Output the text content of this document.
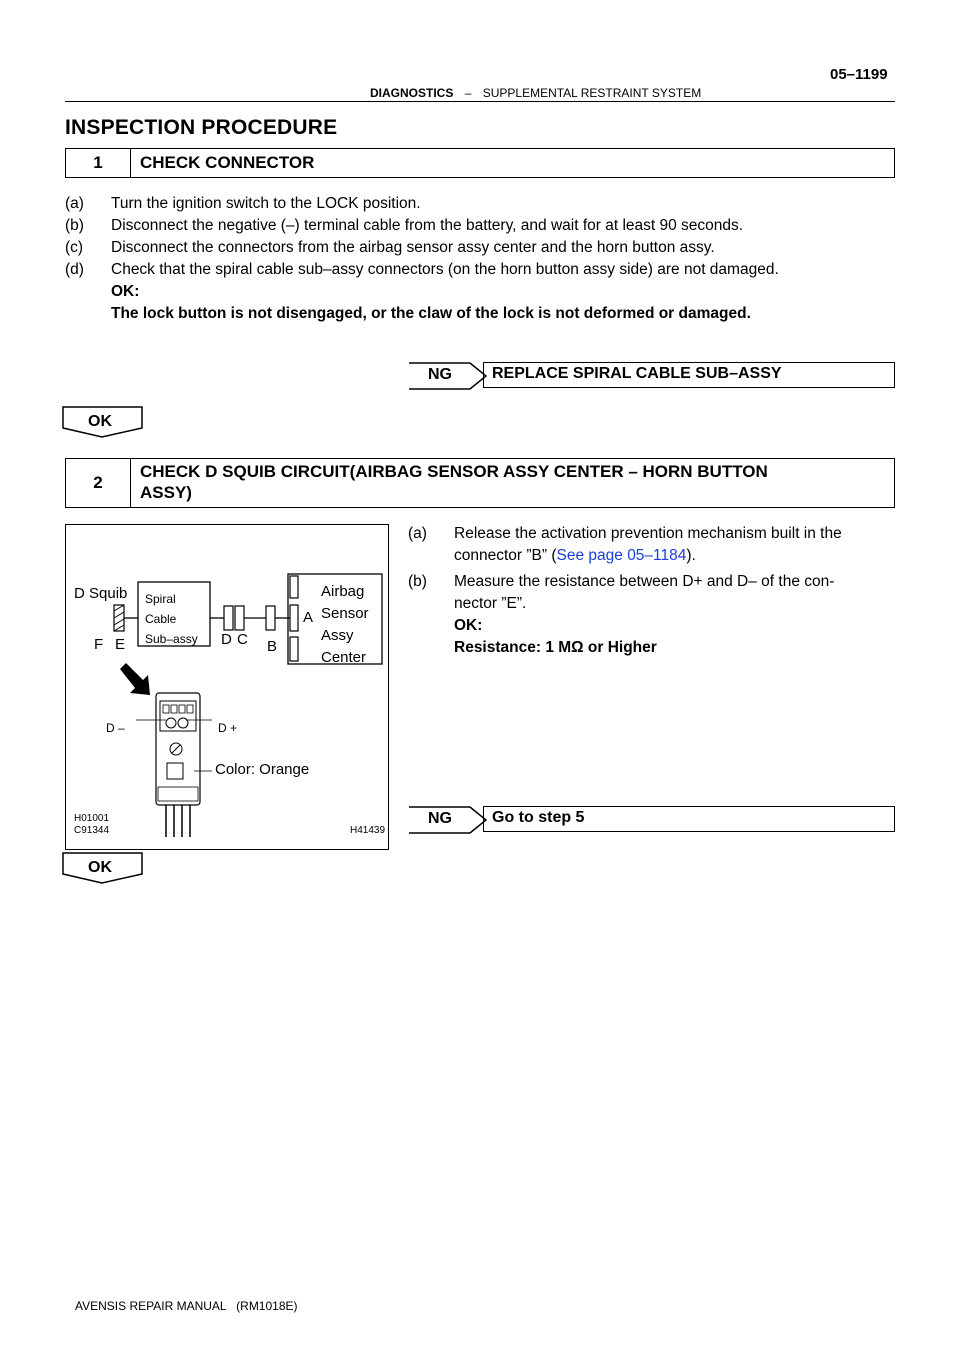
05–1199
DIAGNOSTICS – SUPPLEMENTAL RESTRAINT SYSTEM
INSPECTION PROCEDURE
1	CHECK CONNECTOR
(a) Turn the ignition switch to the LOCK position.
(b) Disconnect the negative (–) terminal cable from the battery, and wait for at least 90 seconds.
(c) Disconnect the connectors from the airbag sensor assy center and the horn button assy.
(d) Check that the spiral cable sub–assy connectors (on the horn button assy side) are not damaged.
OK:
The lock button is not disengaged, or the claw of the lock is not deformed or damaged.
NG	REPLACE SPIRAL CABLE SUB–ASSY
OK
2
CHECK D SQUIB CIRCUIT(AIRBAG SENSOR ASSY CENTER – HORN BUTTON
ASSY)
(a) Release the activation prevention mechanism built in the
connector ”B” (See page 05–1184).
(b) Measure the resistance between D+ and D– of the con-
nector ”E”.
OK:
Resistance: 1 MΩ or Higher
D Squib Spiral
Cable
Sub–assy
F E	D C B
A
Airbag
Sensor
Assy
Center
D –	D +
Color: Orange
H01001
C91344	H41439
NG	Go to step 5
OK
AVENSIS REPAIR MANUAL   (RM1018E)
